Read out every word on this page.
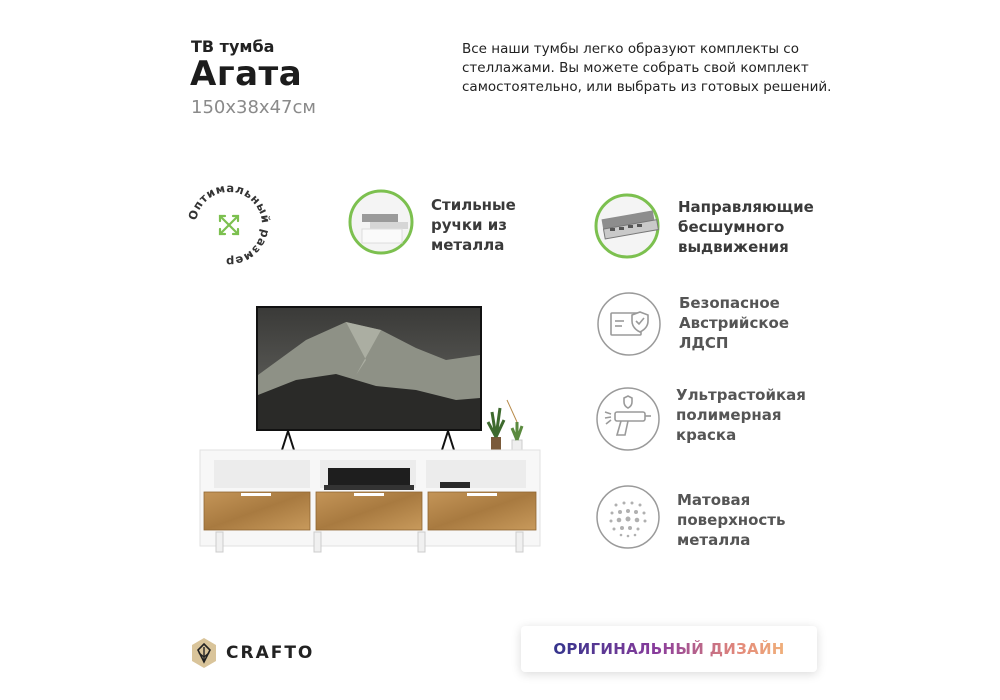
ТВ тумба
Агата
150x38x47см
Все наши тумбы легко образуют комплекты со стеллажами. Вы можете собрать свой комплект самостоятельно, или выбрать из готовых решений.
Оптимальный размер
Стильные
ручки из
металла
Направляющие
бесшумного
выдвижения
Безопасное
Австрийское
ЛДСП
Ультрастойкая
полимерная
краска
Матовая
поверхность
металла
CRAFTO	ОРИГИНАЛЬНЫЙ ДИЗАЙН
